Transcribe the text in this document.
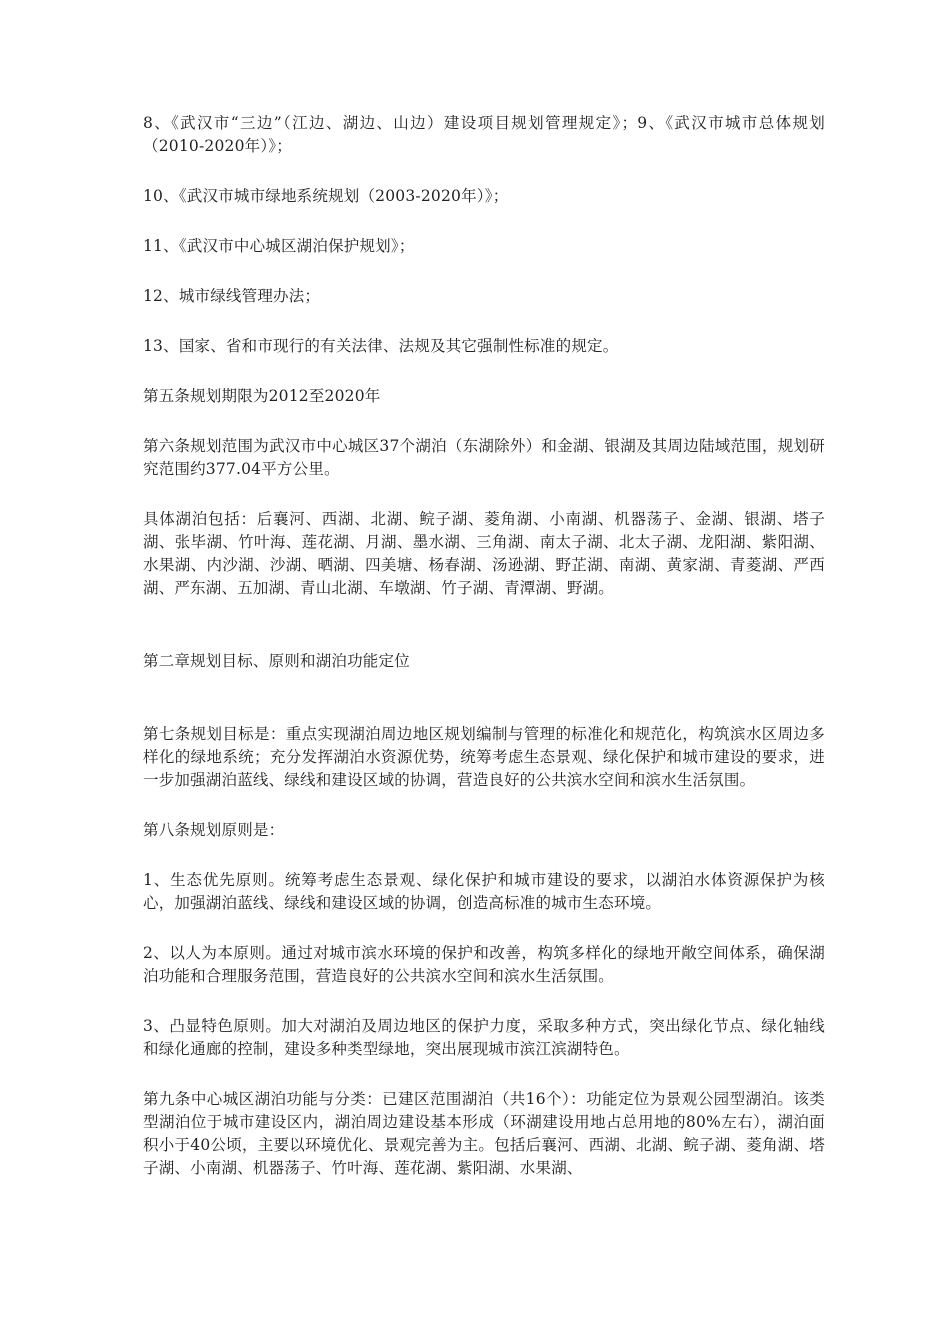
8、《武汉市“三边”（江边、湖边、山边）建设项目规划管理规定》；9、《武汉市城市总体规划（2010-2020年）》；

10、《武汉市城市绿地系统规划（2003-2020年）》；

11、《武汉市中心城区湖泊保护规划》；

12、城市绿线管理办法；

13、国家、省和市现行的有关法律、法规及其它强制性标准的规定。

第五条规划期限为2012至2020年

第六条规划范围为武汉市中心城区37个湖泊（东湖除外）和金湖、银湖及其周边陆域范围，规划研究范围约377.04平方公里。

具体湖泊包括：后襄河、西湖、北湖、鲩子湖、菱角湖、小南湖、机器荡子、金湖、银湖、塔子湖、张毕湖、竹叶海、莲花湖、月湖、墨水湖、三角湖、南太子湖、北太子湖、龙阳湖、紫阳湖、水果湖、内沙湖、沙湖、晒湖、四美塘、杨春湖、汤逊湖、野芷湖、南湖、黄家湖、青菱湖、严西湖、严东湖、五加湖、青山北湖、车墩湖、竹子湖、青潭湖、野湖。

第二章规划目标、原则和湖泊功能定位

第七条规划目标是：重点实现湖泊周边地区规划编制与管理的标准化和规范化，构筑滨水区周边多样化的绿地系统；充分发挥湖泊水资源优势，统筹考虑生态景观、绿化保护和城市建设的要求，进一步加强湖泊蓝线、绿线和建设区域的协调，营造良好的公共滨水空间和滨水生活氛围。

第八条规划原则是：

1、生态优先原则。统筹考虑生态景观、绿化保护和城市建设的要求，以湖泊水体资源保护为核心，加强湖泊蓝线、绿线和建设区域的协调，创造高标准的城市生态环境。

2、以人为本原则。通过对城市滨水环境的保护和改善，构筑多样化的绿地开敞空间体系，确保湖泊功能和合理服务范围，营造良好的公共滨水空间和滨水生活氛围。

3、凸显特色原则。加大对湖泊及周边地区的保护力度，采取多种方式，突出绿化节点、绿化轴线和绿化通廊的控制，建设多种类型绿地，突出展现城市滨江滨湖特色。

第九条中心城区湖泊功能与分类：已建区范围湖泊（共16个）：功能定位为景观公园型湖泊。该类型湖泊位于城市建设区内，湖泊周边建设基本形成（环湖建设用地占总用地的80%左右），湖泊面积小于40公顷，主要以环境优化、景观完善为主。包括后襄河、西湖、北湖、鲩子湖、菱角湖、塔子湖、小南湖、机器荡子、竹叶海、莲花湖、紫阳湖、水果湖、
